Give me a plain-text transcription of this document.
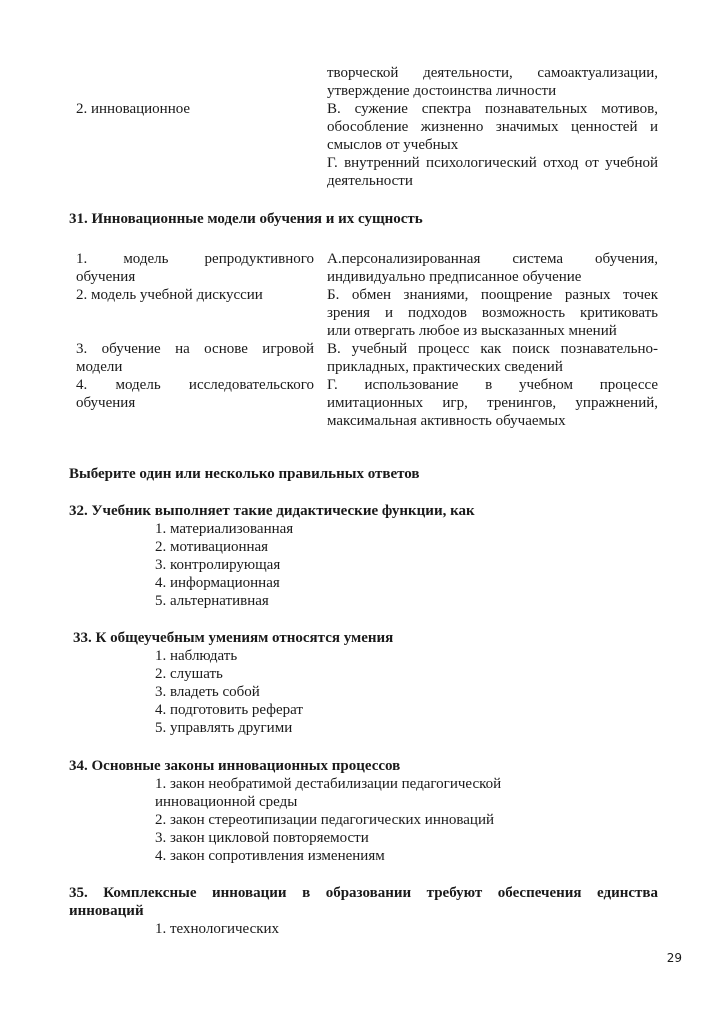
творческой деятельности, самоактуализации,
утверждение достоинства личности
2. инновационное	В. сужение спектра познавательных мотивов,
обособление жизненно значимых ценностей и
смыслов от учебных
Г. внутренний психологический отход от учебной
деятельности
31. Инновационные модели обучения и их сущность
1. модель репродуктивного
обучения
А.персонализированная система обучения,
индивидуально предписанное обучение
2. модель учебной дискуссии	Б. обмен знаниями, поощрение разных точек
зрения и подходов возможность критиковать
или отвергать любое из высказанных мнений
3. обучение на основе игровой
модели
В. учебный процесс как поиск познавательно-
прикладных, практических сведений
4. модель исследовательского
обучения
Г. использование в учебном процессе
имитационных игр, тренингов, упражнений,
максимальная активность обучаемых
Выберите один или несколько правильных ответов
32. Учебник выполняет такие дидактические функции, как
1. материализованная
2. мотивационная
3. контролирующая
4. информационная
5. альтернативная
33. К общеучебным умениям относятся умения
1. наблюдать
2. слушать
3. владеть собой
4. подготовить реферат
5. управлять другими
34. Основные законы инновационных процессов
1. закон необратимой дестабилизации педагогической
инновационной среды
2. закон стереотипизации педагогических инноваций
3. закон цикловой повторяемости
4. закон сопротивления изменениям
35. Комплексные инновации в образовании требуют обеспечения единства
инноваций
1. технологических
29
